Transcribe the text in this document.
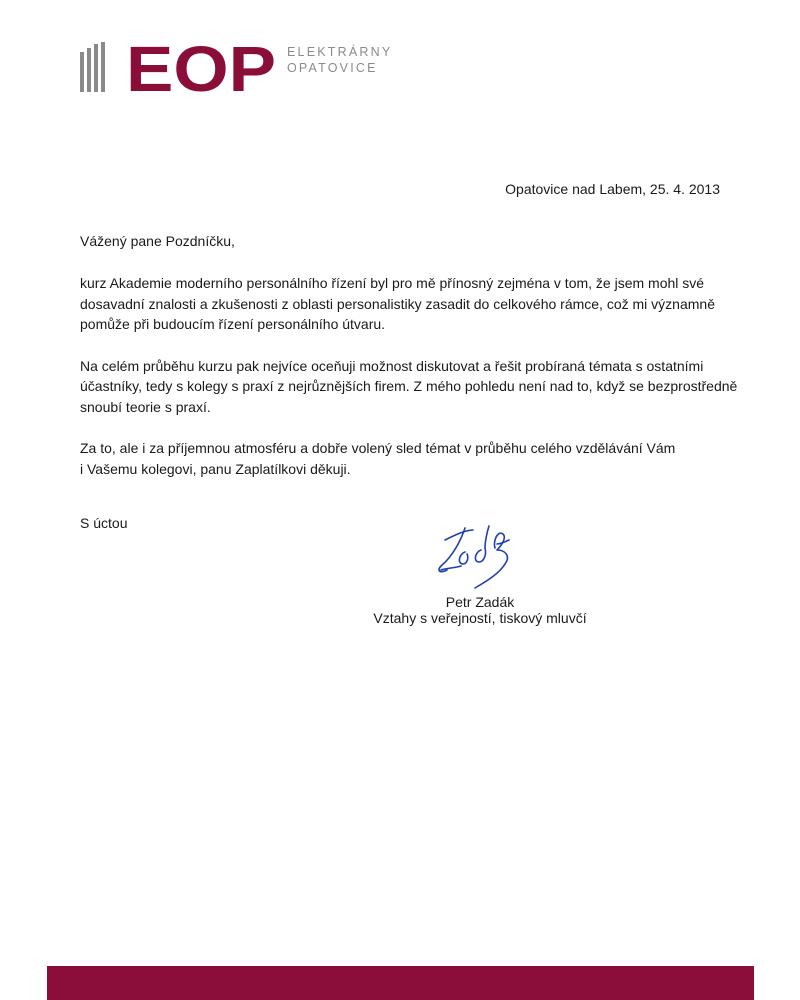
EOP ELEKTRÁRNY
OPATOVICE
Opatovice nad Labem, 25. 4. 2013
Vážený pane Pozdníčku,

kurz Akademie moderního personálního řízení byl pro mě přínosný zejména v tom, že jsem mohl své
dosavadní znalosti a zkušenosti z oblasti personalistiky zasadit do celkového rámce, což mi významně
pomůže při budoucím řízení personálního útvaru.

Na celém průběhu kurzu pak nejvíce oceňuji možnost diskutovat a řešit probíraná témata s ostatními
účastníky, tedy s kolegy s praxí z nejrůznějších firem. Z mého pohledu není nad to, když se bezprostředně
snoubí teorie s praxí.

Za to, ale i za příjemnou atmosféru a dobře volený sled témat v průběhu celého vzdělávání Vám
i Vašemu kolegovi, panu Zaplatílkovi děkuji.

S úctou
Petr Zadák
Vztahy s veřejností, tiskový mluvčí
